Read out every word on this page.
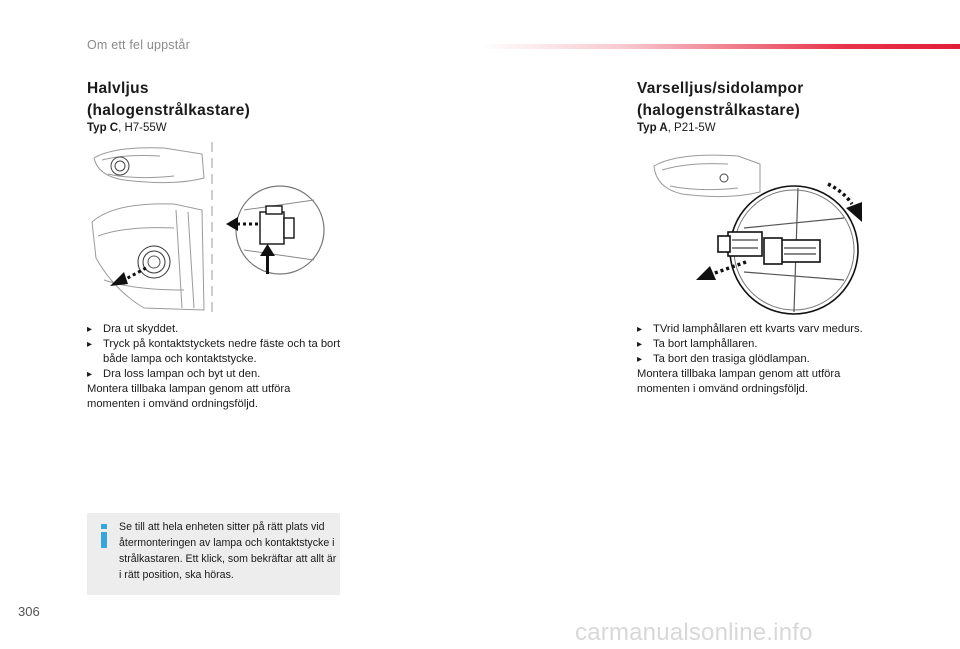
Om ett fel uppstår
Halvljus
(halogenstrålkastare)
Typ C, H7-55W
▸ Dra ut skyddet.
▸ Tryck på kontaktstyckets nedre fäste och ta bort både lampa och kontaktstycke.
▸ Dra loss lampan och byt ut den.
Montera tillbaka lampan genom att utföra momenten i omvänd ordningsföljd.
Varselljus/sidolampor
(halogenstrålkastare)
Typ A, P21-5W
▸ TVrid lamphållaren ett kvarts varv medurs.
▸ Ta bort lamphållaren.
▸ Ta bort den trasiga glödlampan.
Montera tillbaka lampan genom att utföra momenten i omvänd ordningsföljd.
Se till att hela enheten sitter på rätt plats vid återmonteringen av lampa och kontaktstycke i strålkastaren. Ett klick, som bekräftar att allt är i rätt position, ska höras.
306
carmanualsonline.info
